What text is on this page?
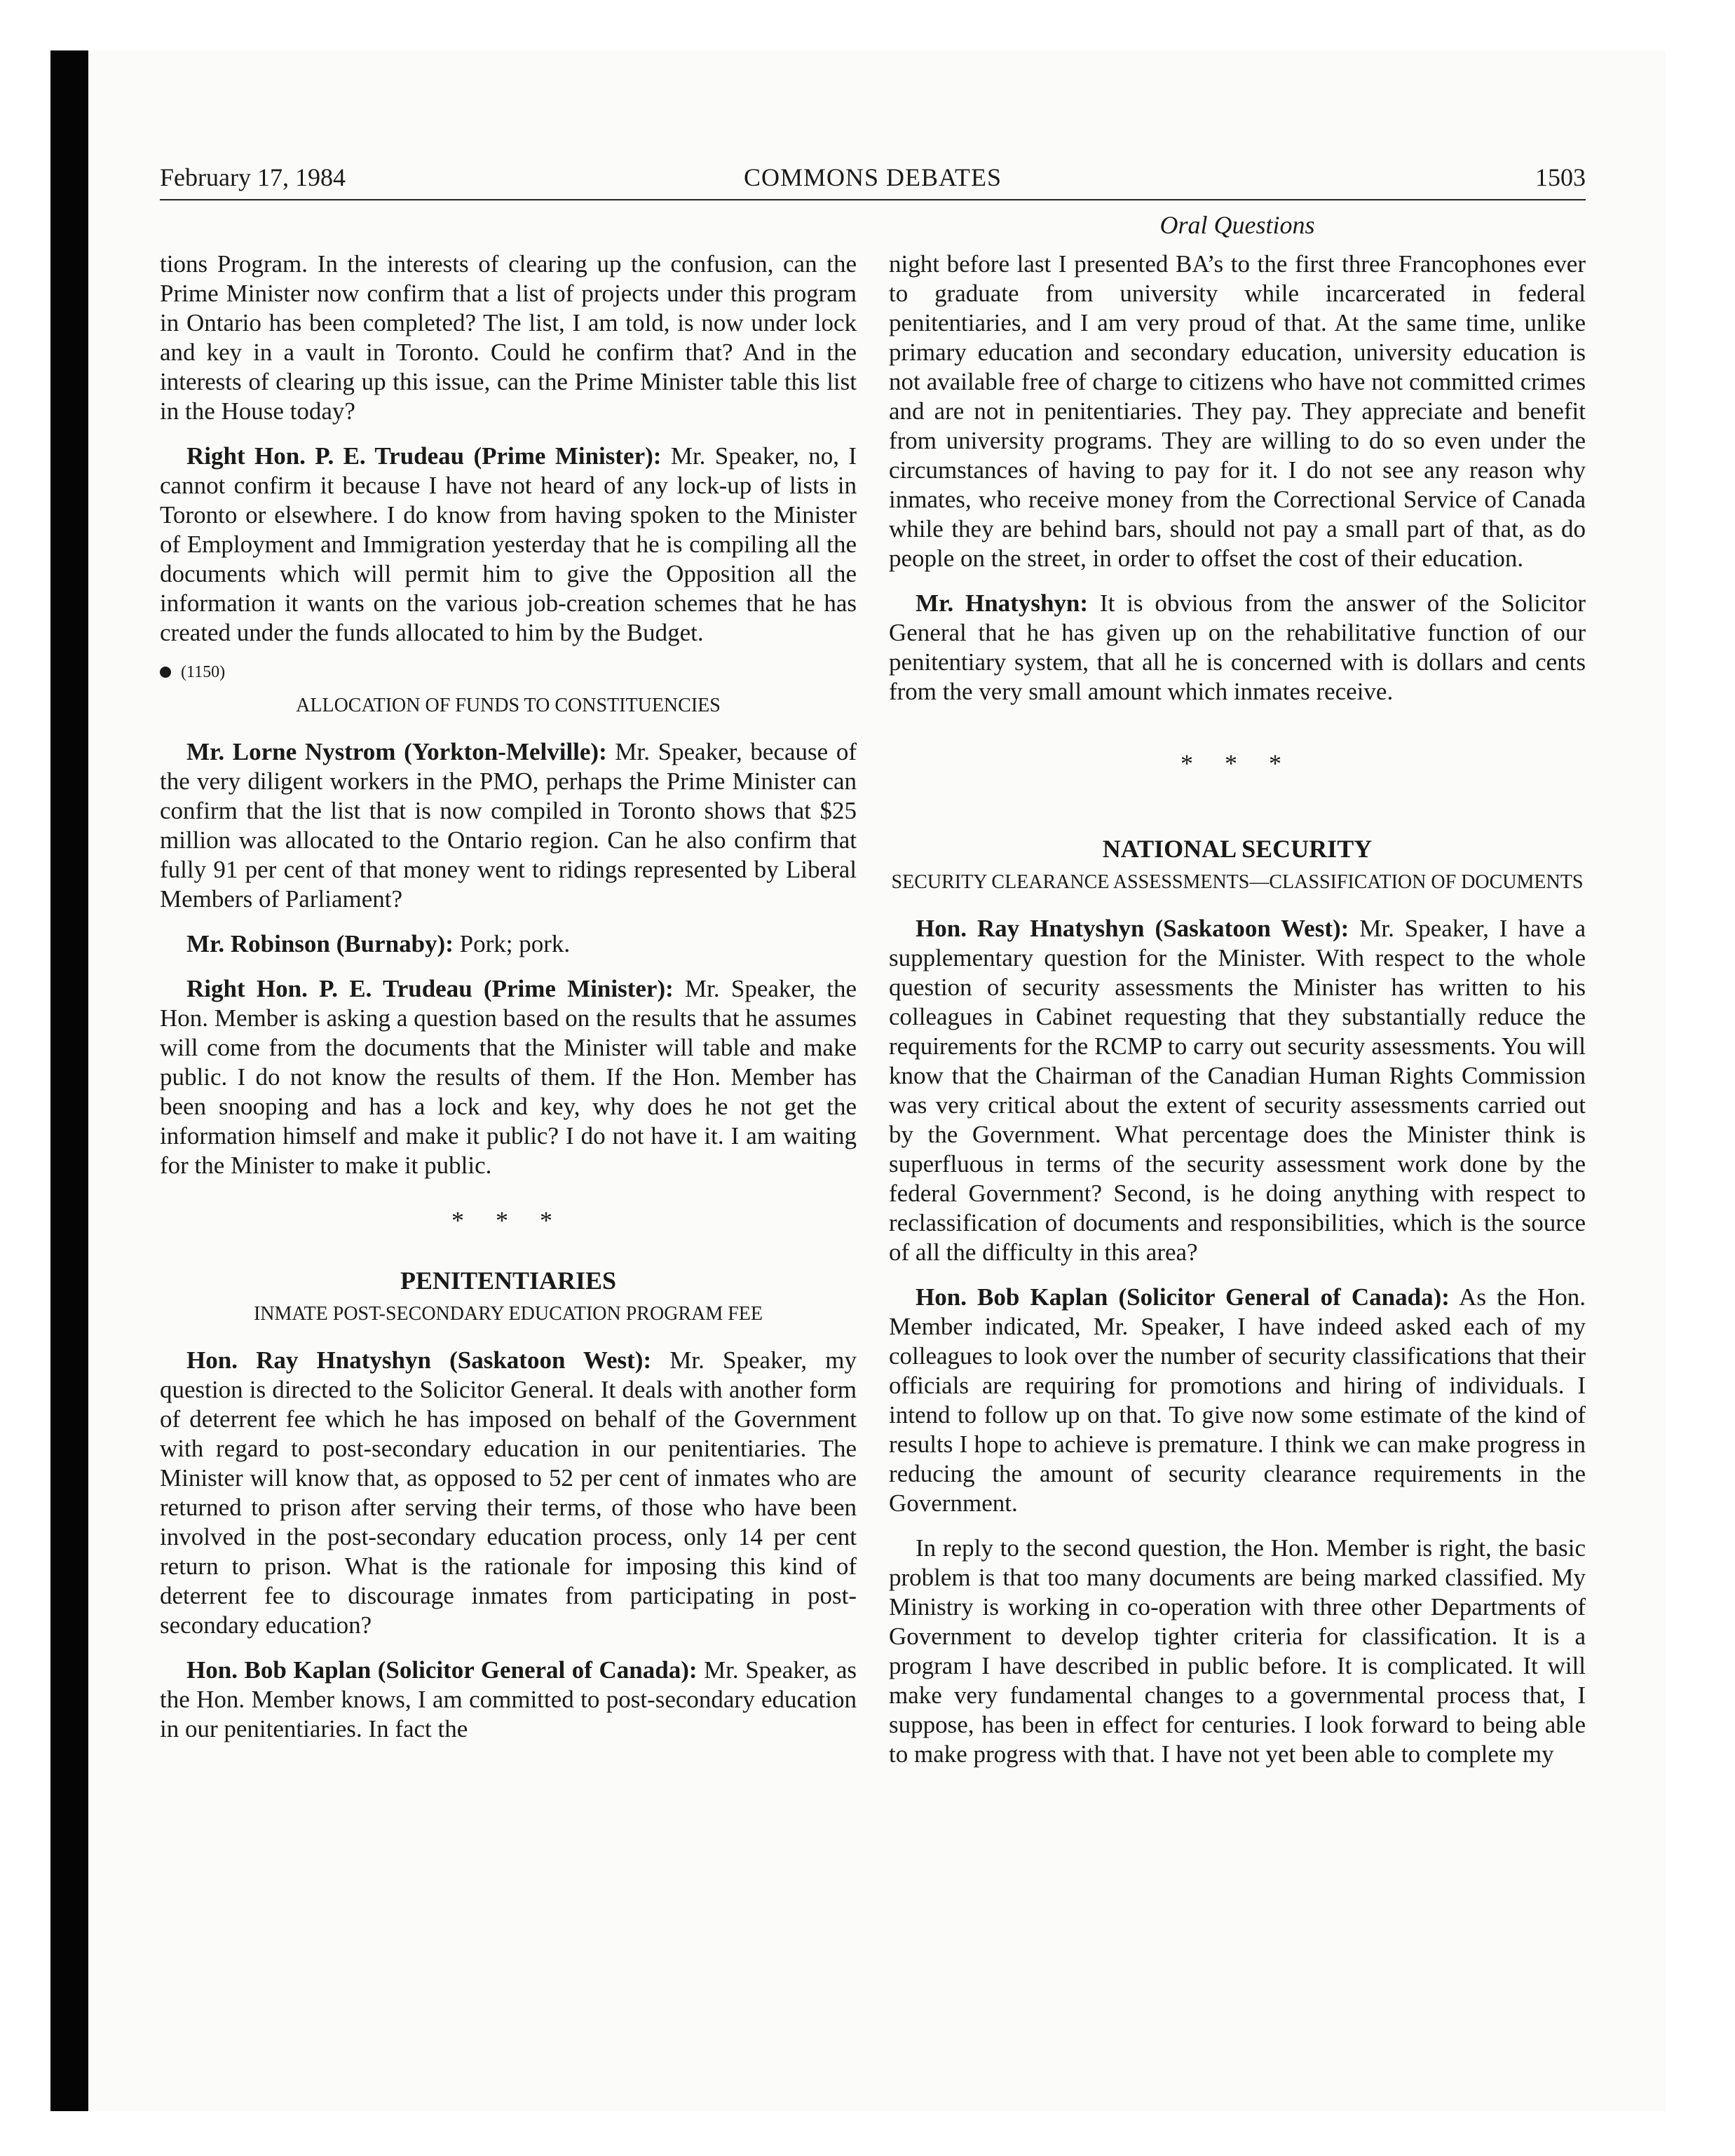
COMMONS DEBATES
February 17, 1984	1503
Oral Questions

tions Program. In the interests of clearing up the confusion, can the Prime Minister now confirm that a list of projects under this program in Ontario has been completed? The list, I am told, is now under lock and key in a vault in Toronto. Could he confirm that? And in the interests of clearing up this issue, can the Prime Minister table this list in the House today?

Right Hon. P. E. Trudeau (Prime Minister): Mr. Speaker, no, I cannot confirm it because I have not heard of any lock-up of lists in Toronto or elsewhere. I do know from having spoken to the Minister of Employment and Immigration yesterday that he is compiling all the documents which will permit him to give the Opposition all the information it wants on the various job-creation schemes that he has created under the funds allocated to him by the Budget.

(1150)
ALLOCATION OF FUNDS TO CONSTITUENCIES

Mr. Lorne Nystrom (Yorkton-Melville): Mr. Speaker, because of the very diligent workers in the PMO, perhaps the Prime Minister can confirm that the list that is now compiled in Toronto shows that $25 million was allocated to the Ontario region. Can he also confirm that fully 91 per cent of that money went to ridings represented by Liberal Members of Parliament?

Mr. Robinson (Burnaby): Pork; pork.

Right Hon. P. E. Trudeau (Prime Minister): Mr. Speaker, the Hon. Member is asking a question based on the results that he assumes will come from the documents that the Minister will table and make public. I do not know the results of them. If the Hon. Member has been snooping and has a lock and key, why does he not get the information himself and make it public? I do not have it. I am waiting for the Minister to make it public.

* * *
PENITENTIARIES
INMATE POST-SECONDARY EDUCATION PROGRAM FEE

Hon. Ray Hnatyshyn (Saskatoon West): Mr. Speaker, my question is directed to the Solicitor General. It deals with another form of deterrent fee which he has imposed on behalf of the Government with regard to post-secondary education in our penitentiaries. The Minister will know that, as opposed to 52 per cent of inmates who are returned to prison after serving their terms, of those who have been involved in the post-secondary education process, only 14 per cent return to prison. What is the rationale for imposing this kind of deterrent fee to discourage inmates from participating in post-secondary education?

Hon. Bob Kaplan (Solicitor General of Canada): Mr. Speaker, as the Hon. Member knows, I am committed to post-secondary education in our penitentiaries. In fact the

night before last I presented BA’s to the first three Francophones ever to graduate from university while incarcerated in federal penitentiaries, and I am very proud of that. At the same time, unlike primary education and secondary education, university education is not available free of charge to citizens who have not committed crimes and are not in penitentiaries. They pay. They appreciate and benefit from university programs. They are willing to do so even under the circumstances of having to pay for it. I do not see any reason why inmates, who receive money from the Correctional Service of Canada while they are behind bars, should not pay a small part of that, as do people on the street, in order to offset the cost of their education.

Mr. Hnatyshyn: It is obvious from the answer of the Solicitor General that he has given up on the rehabilitative function of our penitentiary system, that all he is concerned with is dollars and cents from the very small amount which inmates receive.

* * *
NATIONAL SECURITY
SECURITY CLEARANCE ASSESSMENTS—CLASSIFICATION OF DOCUMENTS

Hon. Ray Hnatyshyn (Saskatoon West): Mr. Speaker, I have a supplementary question for the Minister. With respect to the whole question of security assessments the Minister has written to his colleagues in Cabinet requesting that they substantially reduce the requirements for the RCMP to carry out security assessments. You will know that the Chairman of the Canadian Human Rights Commission was very critical about the extent of security assessments carried out by the Government. What percentage does the Minister think is superfluous in terms of the security assessment work done by the federal Government? Second, is he doing anything with respect to reclassification of documents and responsibilities, which is the source of all the difficulty in this area?

Hon. Bob Kaplan (Solicitor General of Canada): As the Hon. Member indicated, Mr. Speaker, I have indeed asked each of my colleagues to look over the number of security classifications that their officials are requiring for promotions and hiring of individuals. I intend to follow up on that. To give now some estimate of the kind of results I hope to achieve is premature. I think we can make progress in reducing the amount of security clearance requirements in the Government.

In reply to the second question, the Hon. Member is right, the basic problem is that too many documents are being marked classified. My Ministry is working in co-operation with three other Departments of Government to develop tighter criteria for classification. It is a program I have described in public before. It is complicated. It will make very fundamental changes to a governmental process that, I suppose, has been in effect for centuries. I look forward to being able to make progress with that. I have not yet been able to complete my
